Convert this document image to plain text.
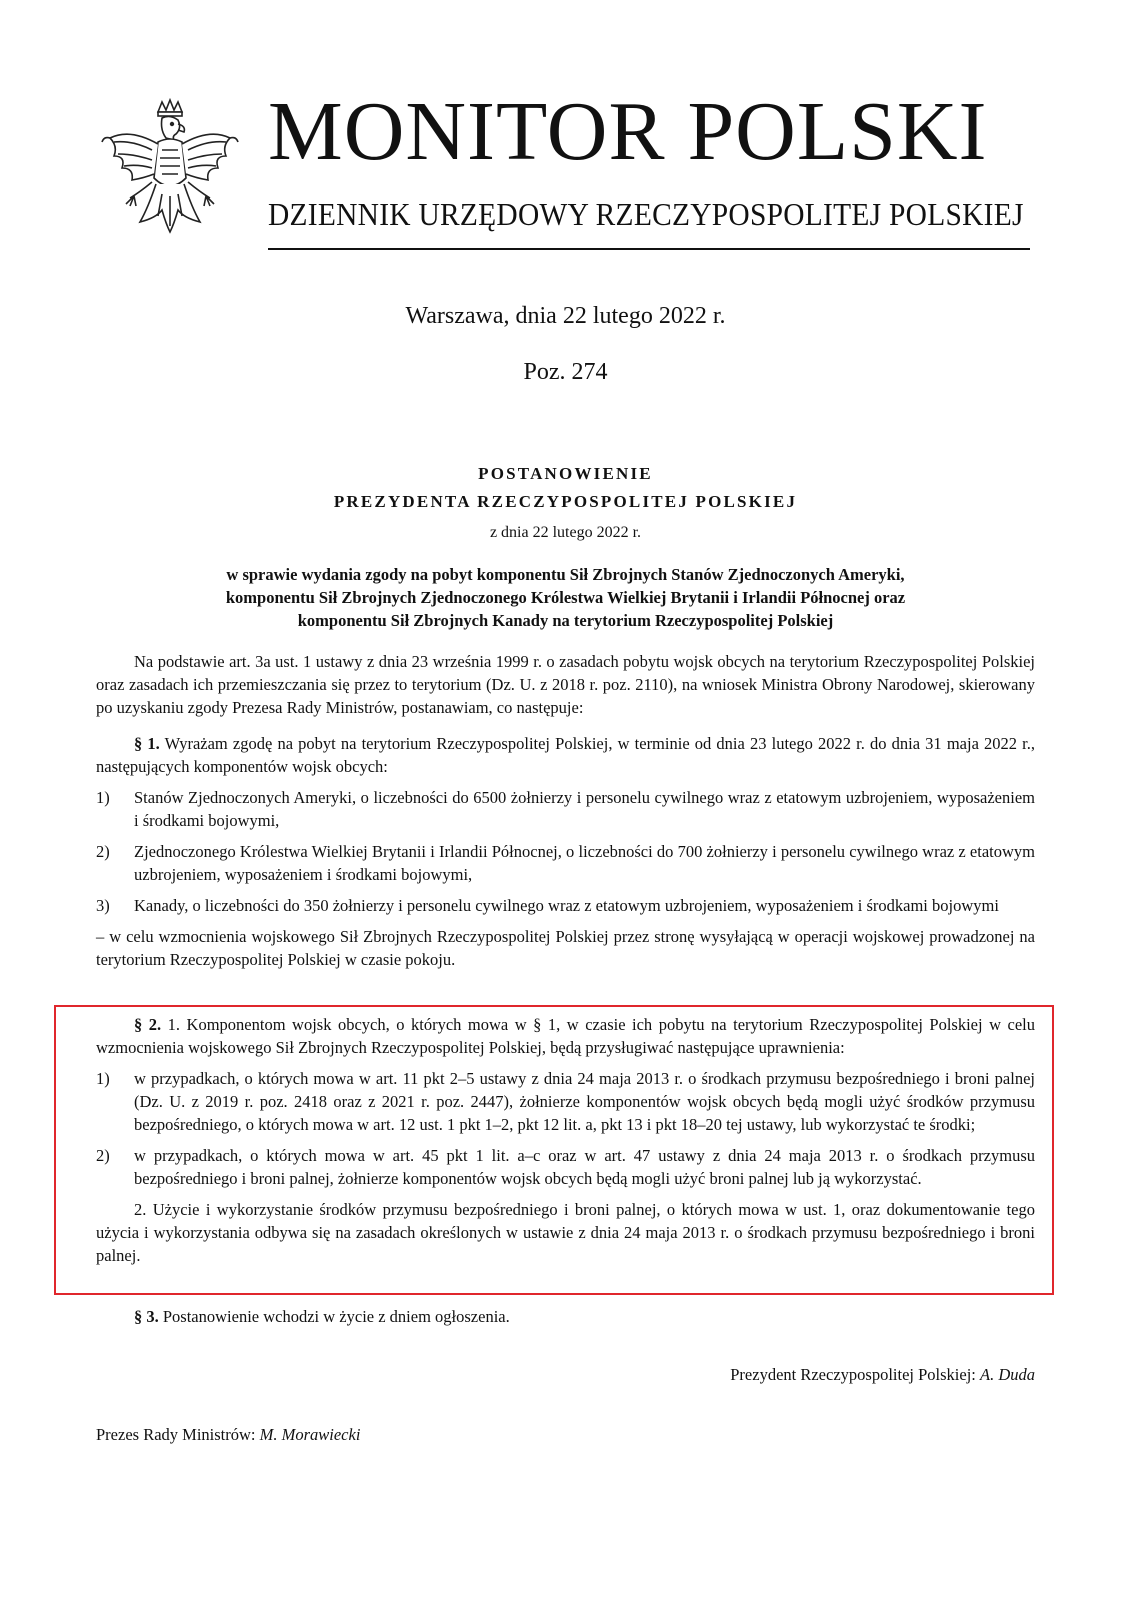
MONITOR POLSKI
DZIENNIK URZĘDOWY RZECZYPOSPOLITEJ POLSKIEJ
Warszawa, dnia 22 lutego 2022 r.
Poz. 274
POSTANOWIENIE
PREZYDENTA RZECZYPOSPOLITEJ POLSKIEJ
z dnia 22 lutego 2022 r.
w sprawie wydania zgody na pobyt komponentu Sił Zbrojnych Stanów Zjednoczonych Ameryki,
komponentu Sił Zbrojnych Zjednoczonego Królestwa Wielkiej Brytanii i Irlandii Północnej oraz
komponentu Sił Zbrojnych Kanady na terytorium Rzeczypospolitej Polskiej

Na podstawie art. 3a ust. 1 ustawy z dnia 23 września 1999 r. o zasadach pobytu wojsk obcych na terytorium Rzeczypospolitej Polskiej oraz zasadach ich przemieszczania się przez to terytorium (Dz. U. z 2018 r. poz. 2110), na wniosek Ministra Obrony Narodowej, skierowany po uzyskaniu zgody Prezesa Rady Ministrów, postanawiam, co następuje:

§ 1. Wyrażam zgodę na pobyt na terytorium Rzeczypospolitej Polskiej, w terminie od dnia 23 lutego 2022 r. do dnia 31 maja 2022 r., następujących komponentów wojsk obcych:

1)	Stanów Zjednoczonych Ameryki, o liczebności do 6500 żołnierzy i personelu cywilnego wraz z etatowym uzbrojeniem, wyposażeniem i środkami bojowymi,
2)	Zjednoczonego Królestwa Wielkiej Brytanii i Irlandii Północnej, o liczebności do 700 żołnierzy i personelu cywilnego wraz z etatowym uzbrojeniem, wyposażeniem i środkami bojowymi,
3)	Kanady, o liczebności do 350 żołnierzy i personelu cywilnego wraz z etatowym uzbrojeniem, wyposażeniem i środkami bojowymi

– w celu wzmocnienia wojskowego Sił Zbrojnych Rzeczypospolitej Polskiej przez stronę wysyłającą w operacji wojskowej prowadzonej na terytorium Rzeczypospolitej Polskiej w czasie pokoju.

§ 2. 1. Komponentom wojsk obcych, o których mowa w § 1, w czasie ich pobytu na terytorium Rzeczypospolitej Polskiej w celu wzmocnienia wojskowego Sił Zbrojnych Rzeczypospolitej Polskiej, będą przysługiwać następujące uprawnienia:

1)	w przypadkach, o których mowa w art. 11 pkt 2–5 ustawy z dnia 24 maja 2013 r. o środkach przymusu bezpośredniego i broni palnej (Dz. U. z 2019 r. poz. 2418 oraz z 2021 r. poz. 2447), żołnierze komponentów wojsk obcych będą mogli użyć środków przymusu bezpośredniego, o których mowa w art. 12 ust. 1 pkt 1–2, pkt 12 lit. a, pkt 13 i pkt 18–20 tej ustawy, lub wykorzystać te środki;
2)	w przypadkach, o których mowa w art. 45 pkt 1 lit. a–c oraz w art. 47 ustawy z dnia 24 maja 2013 r. o środkach przymusu bezpośredniego i broni palnej, żołnierze komponentów wojsk obcych będą mogli użyć broni palnej lub ją wykorzystać.

2. Użycie i wykorzystanie środków przymusu bezpośredniego i broni palnej, o których mowa w ust. 1, oraz dokumentowanie tego użycia i wykorzystania odbywa się na zasadach określonych w ustawie z dnia 24 maja 2013 r. o środkach przymusu bezpośredniego i broni palnej.

§ 3. Postanowienie wchodzi w życie z dniem ogłoszenia.

Prezydent Rzeczypospolitej Polskiej: A. Duda
Prezes Rady Ministrów: M. Morawiecki
